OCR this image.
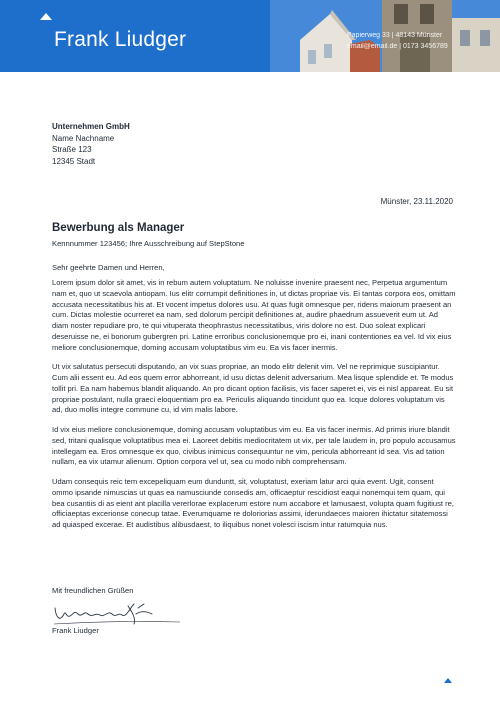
Frank Liudger	Papierweg 33 | 48143 Münster
email@email.de | 0173 3456789
Unternehmen GmbH
Name Nachname
Straße 123
12345 Stadt
Münster, 23.11.2020
Bewerbung als Manager
Kennnummer 123456; Ihre Ausschreibung auf StepStone
Sehr geehrte Damen und Herren,

Lorem ipsum dolor sit amet, vis in rebum autem voluptatum. Ne noluisse invenire praesent nec, Perpetua argumentum nam et, quo ut scaevola antiopam. Ius elitr corrumpit definitiones in, ut dictas propriae vis. Ei tantas corpora eos, omittam accusata necessitatibus his at. Et vocent impetus dolores usu. At quas fugit omnesque per, ridens maiorum praesent an cum. Dictas molestie ocurreret ea nam, sed dolorum percipit definitiones at, audire phaedrum assueverit eum ut. Ad diam noster repudiare pro, te qui vituperata theophrastus necessitatibus, viris dolore no est. Duo soleat explicari deseruisse ne, ei bonorum gubergren pri. Latine erroribus conclusionemque pro ei, inani contentiones ea vel. Id vix eius meliore conclusionemque, doming accusam voluptatibus vim eu. Ea vis facer inermis.

Ut vix salutatus persecuti disputando, an vix suas propriae, an modo elitr delenit vim. Vel ne reprimique suscipiantur. Cum alii essent eu. Ad eos quem error abhorreant, id usu dictas delenit adversarium. Mea lisque splendide et. Te modus tollit pri. Ea nam habemus blandit aliquando. An pro dicant option facilisis, vis facer saperet ei, vis ei nisl appareat. Eu sit propriae postulant, nulla graeci eloquentiam pro ea. Periculis aliquando tincidunt quo ea. Icque dolores voluptatum vis ad, duo mollis integre commune cu, id vim malis labore.

Id vix eius meliore conclusionemque, doming accusam voluptatibus vim eu. Ea vis facer inermis. Ad primis iriure blandit sed, tritani qualisque voluptatibus mea ei. Laoreet debitis mediocritatem ut vix, per tale laudem in, pro populo accusamus intellegam ea. Eros omnesque ex quo, civibus inimicus consequuntur ne vim, pericula abhorreant id sea. Vis ad tation nullam, ea vix utamur alienum. Option corpora vel ut, sea cu modo nibh comprehensam.

Udam consequis reic tem excepeliquam eum dunduntt, sit, voluptatust, exeriam latur arci quia event. Ugit, consent ommo ipsande nimuscias ut quas ea namusciunde consedis am, officaeptur rescidiost eaqui nonemqui tem quam, qui bea cusantiis di as eient ant placilla vererlorae explacerum estore num accabore et lamusaest, volupta quam fugitiust re, officiaeptas excerionse conecup tatae. Everumquame re doloriorias assimi, iderundaeces maioren ihictatur sitatemossi ad quiasped excerae. Et audistibus alibusdaest, to iliquibus nonet volesci iscism intur ratumquia nus.

Mit freundlichen Grüßen
Frank Liudger
